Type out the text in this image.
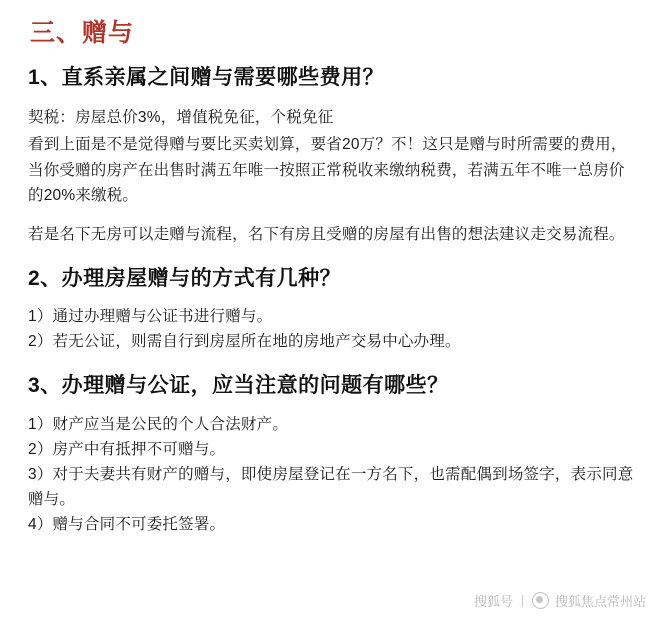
三、赠与
1、直系亲属之间赠与需要哪些费用？
契税：房屋总价3%，增值税免征，个税免征
看到上面是不是觉得赠与要比买卖划算，要省20万？不！这只是赠与时所需要的费用，当你受赠的房产在出售时满五年唯一按照正常税收来缴纳税费，若满五年不唯一总房价的20%来缴税。
若是名下无房可以走赠与流程，名下有房且受赠的房屋有出售的想法建议走交易流程。
2、办理房屋赠与的方式有几种？
1）通过办理赠与公证书进行赠与。
2）若无公证，则需自行到房屋所在地的房地产交易中心办理。
3、办理赠与公证，应当注意的问题有哪些？
1）财产应当是公民的个人合法财产。
2）房产中有抵押不可赠与。
3）对于夫妻共有财产的赠与，即使房屋登记在一方名下，也需配偶到场签字，表示同意赠与。
4）赠与合同不可委托签署。
搜狐号	搜狐焦点常州站
